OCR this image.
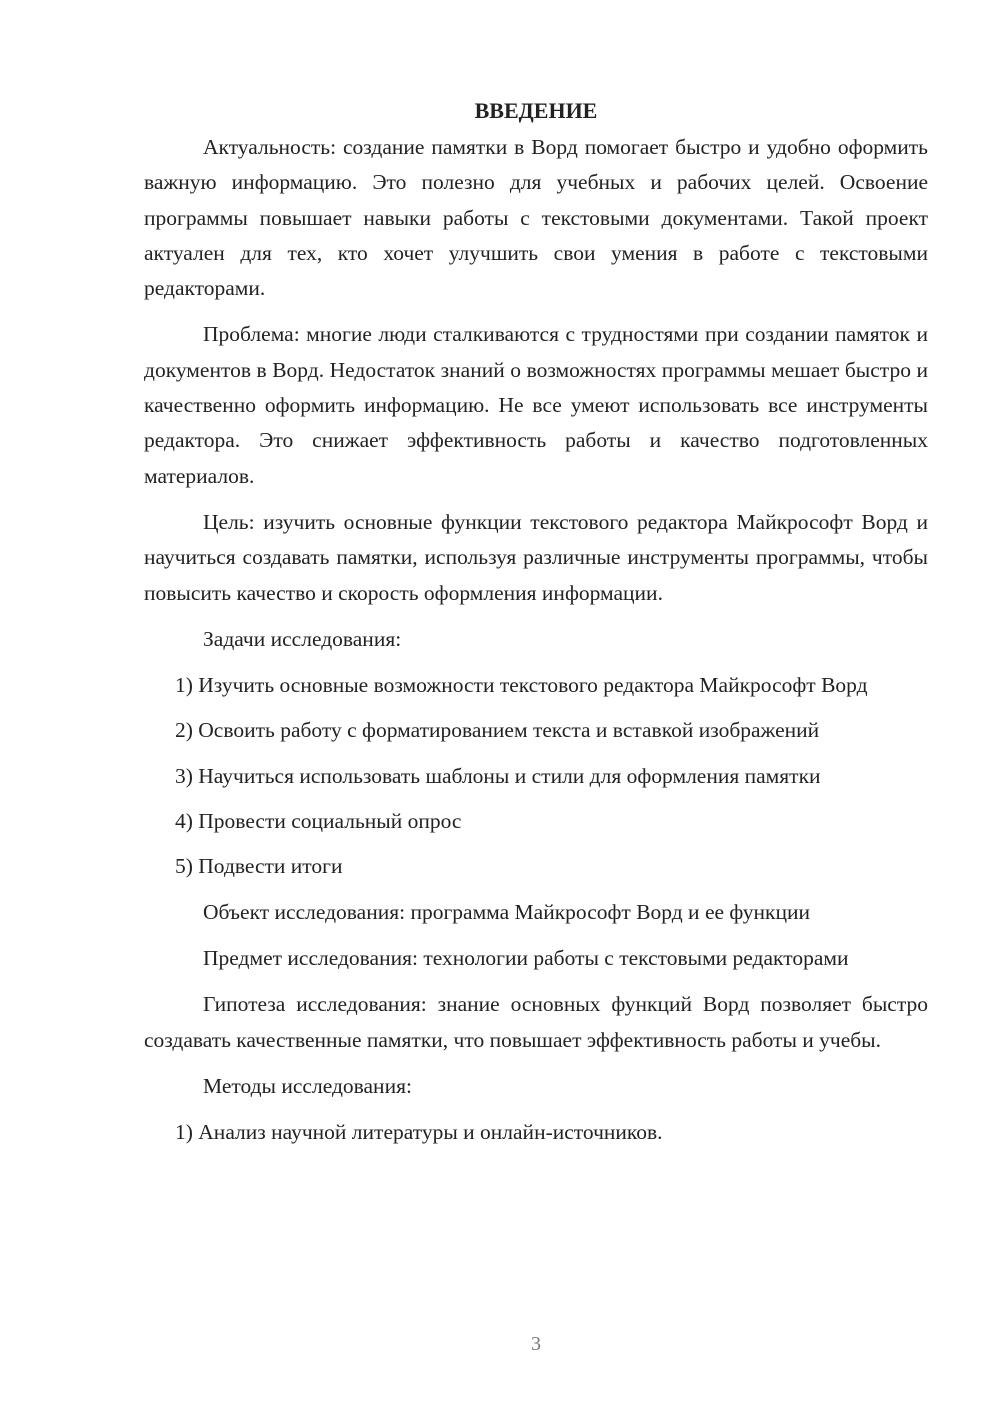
ВВЕДЕНИЕ
Актуальность: создание памятки в Ворд помогает быстро и удобно оформить важную информацию. Это полезно для учебных и рабочих целей. Освоение программы повышает навыки работы с текстовыми документами. Такой проект актуален для тех, кто хочет улучшить свои умения в работе с текстовыми редакторами.
Проблема: многие люди сталкиваются с трудностями при создании памяток и документов в Ворд. Недостаток знаний о возможностях программы мешает быстро и качественно оформить информацию. Не все умеют использовать все инструменты редактора. Это снижает эффективность работы и качество подготовленных материалов.
Цель: изучить основные функции текстового редактора Майкрософт Ворд и научиться создавать памятки, используя различные инструменты программы, чтобы повысить качество и скорость оформления информации.
Задачи исследования:
1) Изучить основные возможности текстового редактора Майкрософт Ворд
2) Освоить работу с форматированием текста и вставкой изображений
3) Научиться использовать шаблоны и стили для оформления памятки
4) Провести социальный опрос
5) Подвести итоги
Объект исследования: программа Майкрософт Ворд и ее функции
Предмет исследования: технологии работы с текстовыми редакторами
Гипотеза исследования: знание основных функций Ворд позволяет быстро создавать качественные памятки, что повышает эффективность работы и учебы.
Методы исследования:
1) Анализ научной литературы и онлайн-источников.
3
